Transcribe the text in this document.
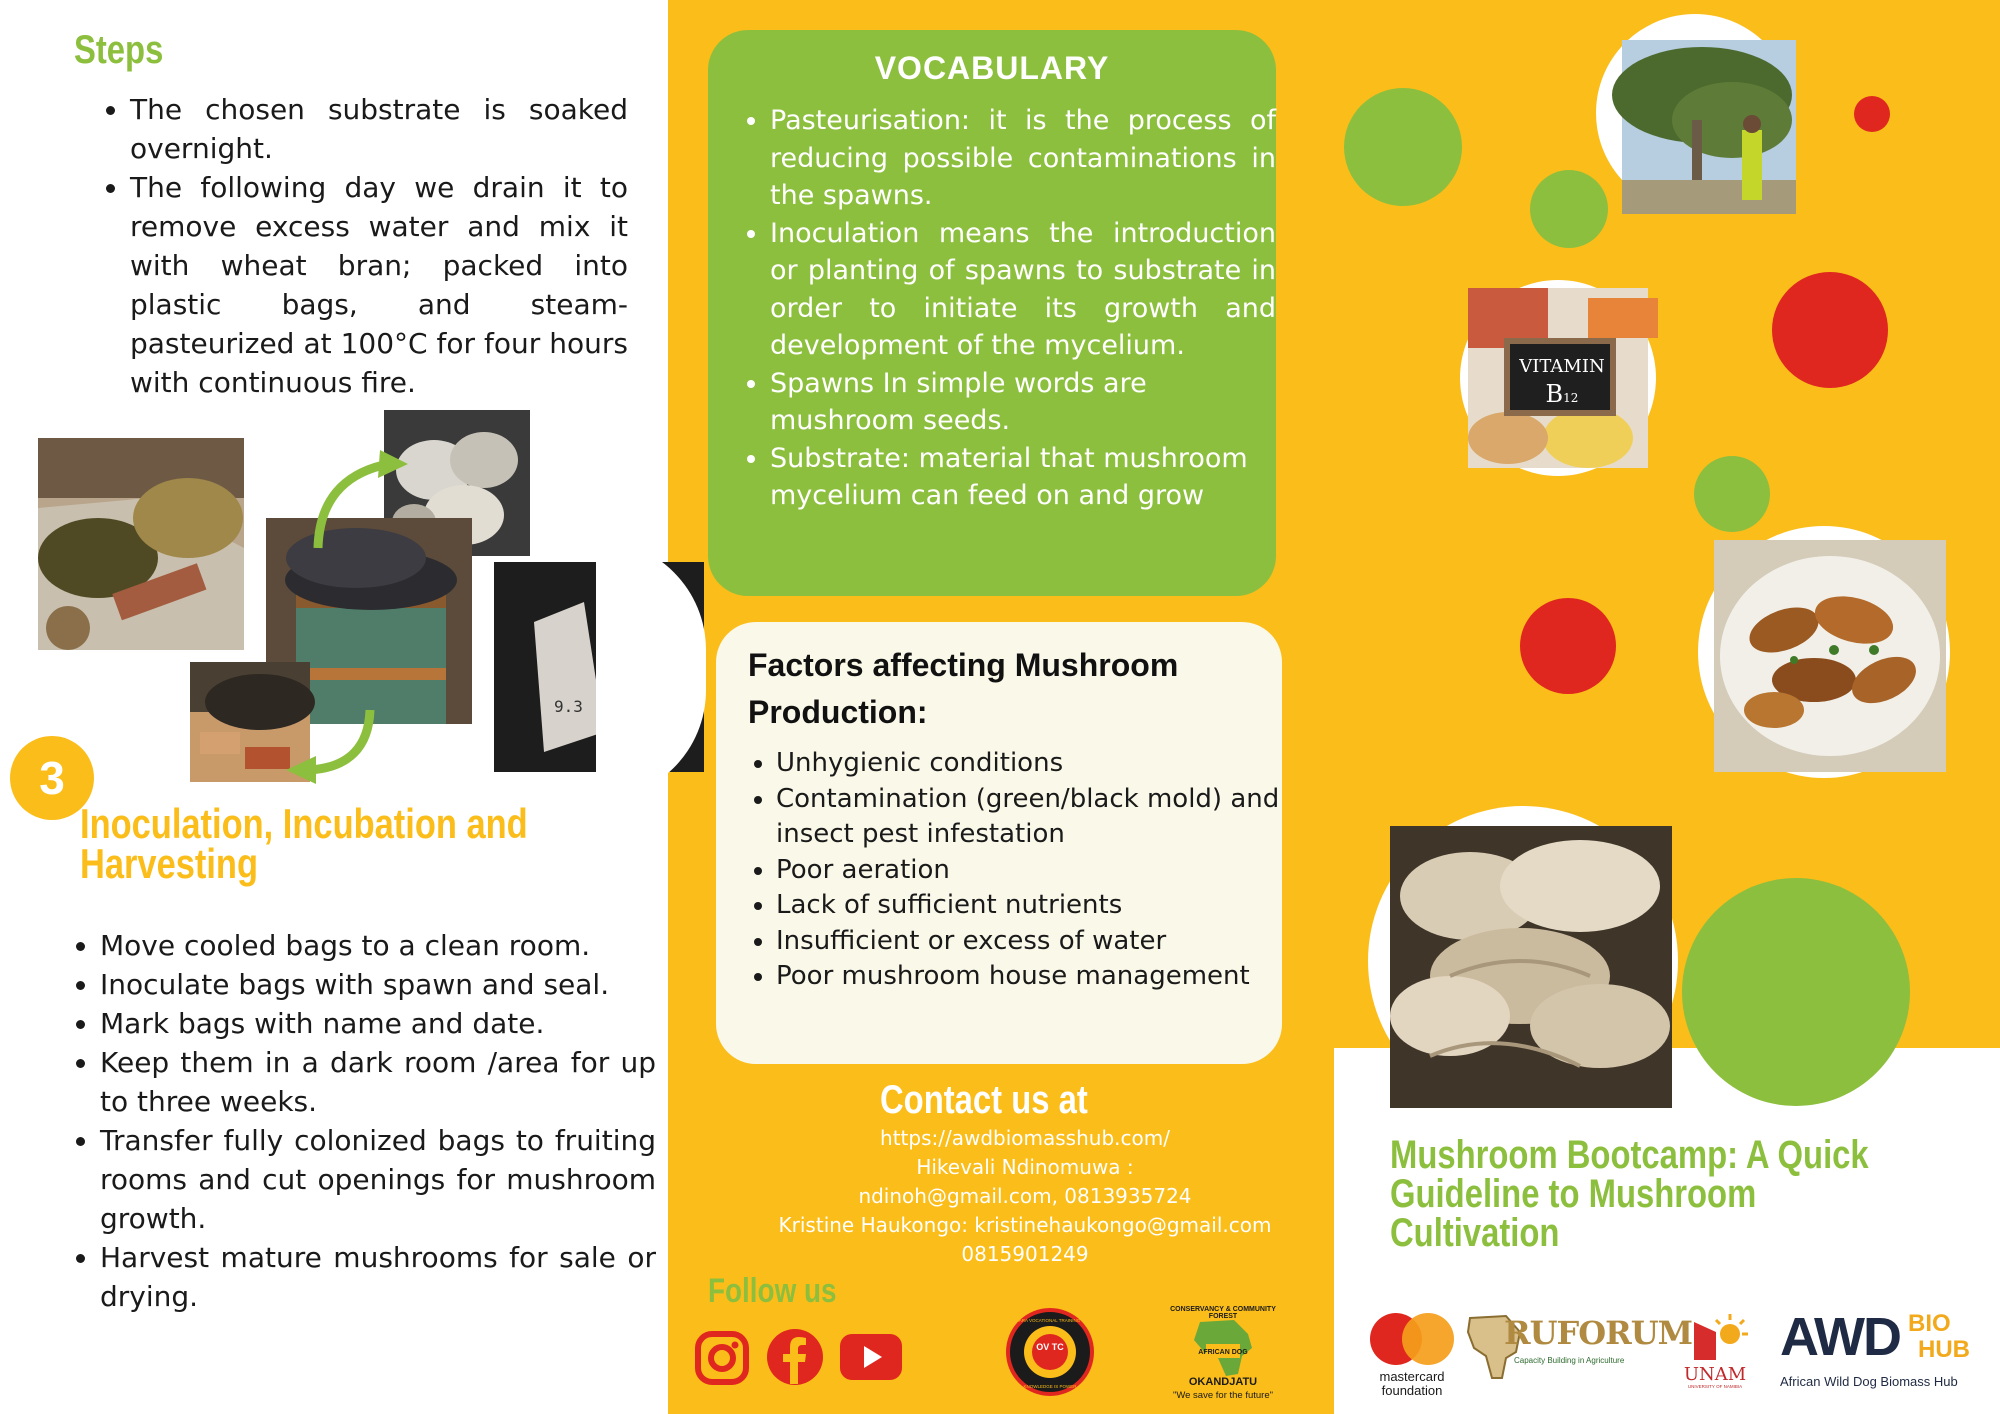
Steps
• The chosen substrate is soaked overnight.
• The following day we drain it to remove excess water and mix it with wheat bran; packed into plastic bags, and steam-pasteurized at 100°C for four hours with continuous fire.
9.3
3
Inoculation, Incubation and Harvesting
• Move cooled bags to a clean room.
• Inoculate bags with spawn and seal.
• Mark bags with name and date.
• Keep them in a dark room /area for up to three weeks.
• Transfer fully colonized bags to fruiting rooms and cut openings for mushroom growth.
• Harvest mature mushrooms for sale or drying.
VOCABULARY
• Pasteurisation: it is the process of reducing possible contaminations in the spawns.
• Inoculation means the introduction or planting of spawns to substrate in order to initiate its growth and development of the mycelium.
• Spawns In simple words are mushroom seeds.
• Substrate: material that mushroom mycelium can feed on and grow
Factors affecting Mushroom Production:
• Unhygienic conditions
• Contamination (green/black mold) and insect pest infestation
• Poor aeration
• Lack of sufficient nutrients
• Insufficient or excess of water
• Poor mushroom house management
Contact us at
https://awdbiomasshub.com/
Hikevali Ndinomuwa :
ndinoh@gmail.com, 0813935724
Kristine Haukongo: kristinehaukongo@gmail.com
0815901249
Follow us
OV TC
OKAKARARA VOCATIONAL TRAINING CENTRE
KNOWLEDGE IS POWER
CONSERVANCY & COMMUNITY FOREST
AFRICAN DOG
OKANDJATU
"We save for the future"
VITAMIN
B12
Mushroom Bootcamp: A Quick Guideline to Mushroom Cultivation
mastercard
foundation
RUFORUM
Capacity Building in Agriculture
UNAM
UNIVERSITY OF NAMIBIA
AWD BIO
HUB
African Wild Dog Biomass Hub
